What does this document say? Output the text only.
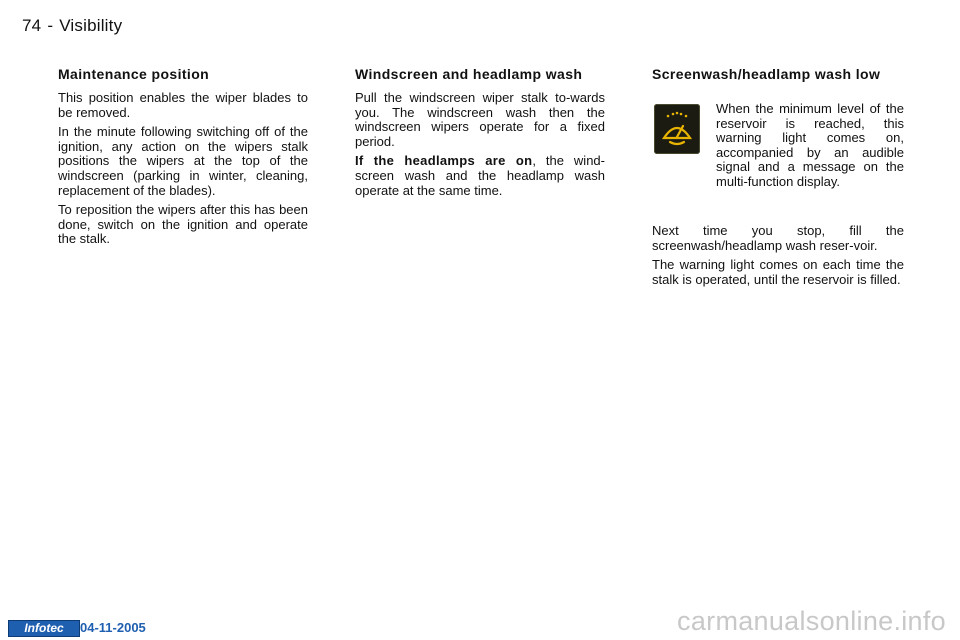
74 - Visibility
Maintenance position

This position enables the wiper blades to be removed.

In the minute following switching off of the ignition, any action on the wipers stalk positions the wipers at the top of the windscreen (parking in winter, cleaning, replacement of the blades).

To reposition the wipers after this has been done, switch on the ignition and operate the stalk.

Windscreen and headlamp wash

Pull the windscreen wiper stalk to-wards you. The windscreen wash then the windscreen wipers operate for a fixed period.

If the headlamps are on, the wind-screen wash and the headlamp wash operate at the same time.

Screenwash/headlamp wash low
When the minimum level of the reservoir is reached, this warning light comes on, accompanied by an audible signal and a message on the multi-function display.

Next time you stop, fill the screenwash/headlamp wash reser-voir.

The warning light comes on each time the stalk is operated, until the reservoir is filled.

Infotec	04-11-2005	carmanualsonline.info
